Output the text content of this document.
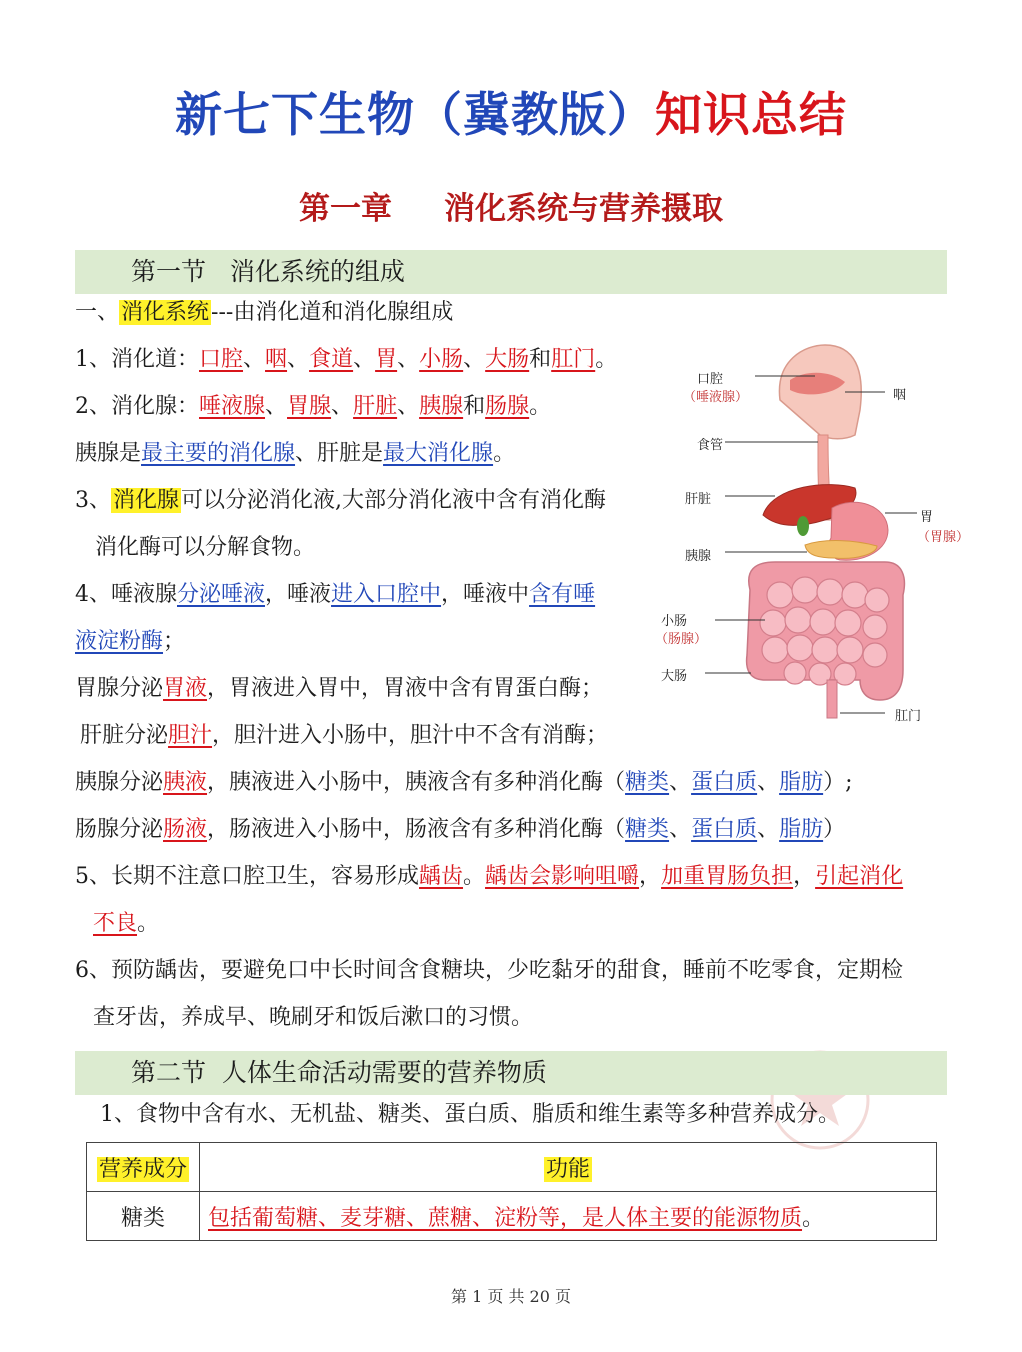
新七下生物（冀教版）知识总结
第一章 消化系统与营养摄取
第一节 消化系统的组成
一、消化系统---由消化道和消化腺组成
1、消化道：口腔、咽、食道、胃、小肠、大肠和肛门。
2、消化腺：唾液腺、胃腺、肝脏、胰腺和肠腺。
胰腺是最主要的消化腺、肝脏是最大消化腺。
3、消化腺可以分泌消化液,大部分消化液中含有消化酶
消化酶可以分解食物。
4、唾液腺分泌唾液，唾液进入口腔中，唾液中含有唾
液淀粉酶；
胃腺分泌胃液，胃液进入胃中，胃液中含有胃蛋白酶；
肝脏分泌胆汁，胆汁进入小肠中，胆汁中不含有消酶；
胰腺分泌胰液，胰液进入小肠中，胰液含有多种消化酶（糖类、蛋白质、脂肪）;
肠腺分泌肠液，肠液进入小肠中，肠液含有多种消化酶（糖类、蛋白质、脂肪）
5、长期不注意口腔卫生，容易形成龋齿。龋齿会影响咀嚼，加重胃肠负担，引起消化
不良。
6、预防龋齿，要避免口中长时间含食糖块，少吃黏牙的甜食，睡前不吃零食，定期检
查牙齿，养成早、晚刷牙和饭后漱口的习惯。
口腔
（唾液腺）	咽
食管
肝脏
胃
（胃腺）
胰腺
小肠
（肠腺）
大肠
肛门
第二节 人体生命活动需要的营养物质
1、食物中含有水、无机盐、糖类、蛋白质、脂质和维生素等多种营养成分。
营养成分	功能
糖类	包括葡萄糖、麦芽糖、蔗糖、淀粉等，是人体主要的能源物质。
第 1 页 共 20 页
